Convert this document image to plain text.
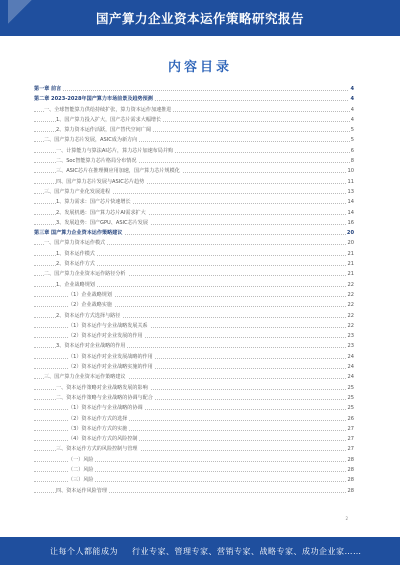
国产算力企业资本运作策略研究报告
内容目录
第一章 前言	4
第二章 2023-2028年国产算力市场前景及趋势预测	4
一、全球智能算力供给持续扩张，算力资本运作加速推进	4
1、国产算力投入扩大，国产芯片需求大幅增长	4
2、算力资本运作活跃，国产替代空间广阔	5
二、国产算力芯片发展，ASIC成为新方向	5
一、计算能力与算法AI芯片，算力芯片加速布局并购	6
二、Soc智能算力芯片格局分布情况	8
三、ASIC芯片在推理侧应用加速，国产算力芯片规模化	10
四、国产算力芯片发展与ASIC芯片趋势	11
三、国产算力产业化发展进程	13
1、算力需求：国产芯片快速增长	14
2、发展机遇：国产算力芯片AI需求扩大	14
3、发展趋势：国产GPU、ASIC芯片发展	16
第三章 国产算力企业资本运作策略建议	20
一、国产算力资本运作模式	20
1、资本运作模式	21
2、资本运作方式	21
二、国产算力企业资本运作路径分析	21
1、企业战略规划	22
（1）企业战略规划	22
（2）企业战略实施	22
2、资本运作方式选择与路径	22
（1）资本运作与企业战略发展关系	22
（2）资本运作对企业发展的作用	23
3、资本运作对企业战略的作用	23
（1）资本运作对企业发展战略的作用	24
（2）资本运作对企业战略实施的作用	24
三、国产算力企业资本运作策略建议	24
一、资本运作策略对企业战略发展的影响	25
二、资本运作策略与企业战略的协调与配合	25
（1）资本运作与企业战略的协调	25
（2）资本运作方式的选择	26
（3）资本运作方式的实施	27
（4）资本运作方式的风险控制	27
三、资本运作方式的风险控制与管理	27
（一）风险	28
（二）风险	28
（三）风险	28
四、资本运作风险管理	28
2
让每个人都能成为 行业专家、管理专家、营销专家、战略专家、成功企业家……
